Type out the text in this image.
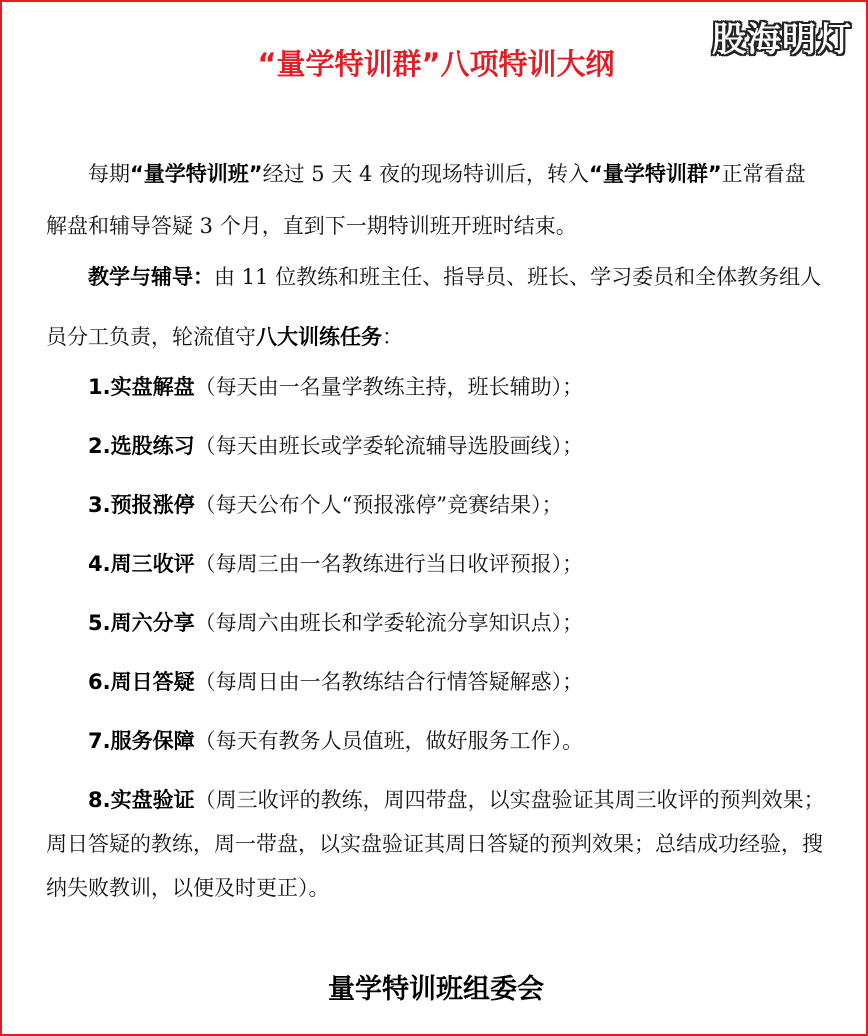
股海明灯
“量学特训群”八项特训大纲
每期“量学特训班”经过 5 天 4 夜的现场特训后，转入“量学特训群”正常看盘解盘和辅导答疑 3 个月，直到下一期特训班开班时结束。
教学与辅导：由 11 位教练和班主任、指导员、班长、学习委员和全体教务组人员分工负责，轮流值守八大训练任务：
1.实盘解盘（每天由一名量学教练主持，班长辅助）；
2.选股练习（每天由班长或学委轮流辅导选股画线）；
3.预报涨停（每天公布个人“预报涨停”竞赛结果）；
4.周三收评（每周三由一名教练进行当日收评预报）；
5.周六分享（每周六由班长和学委轮流分享知识点）；
6.周日答疑（每周日由一名教练结合行情答疑解惑）；
7.服务保障（每天有教务人员值班，做好服务工作）。
8.实盘验证（周三收评的教练，周四带盘，以实盘验证其周三收评的预判效果；周日答疑的教练，周一带盘，以实盘验证其周日答疑的预判效果；总结成功经验，搜纳失败教训，以便及时更正）。
量学特训班组委会
